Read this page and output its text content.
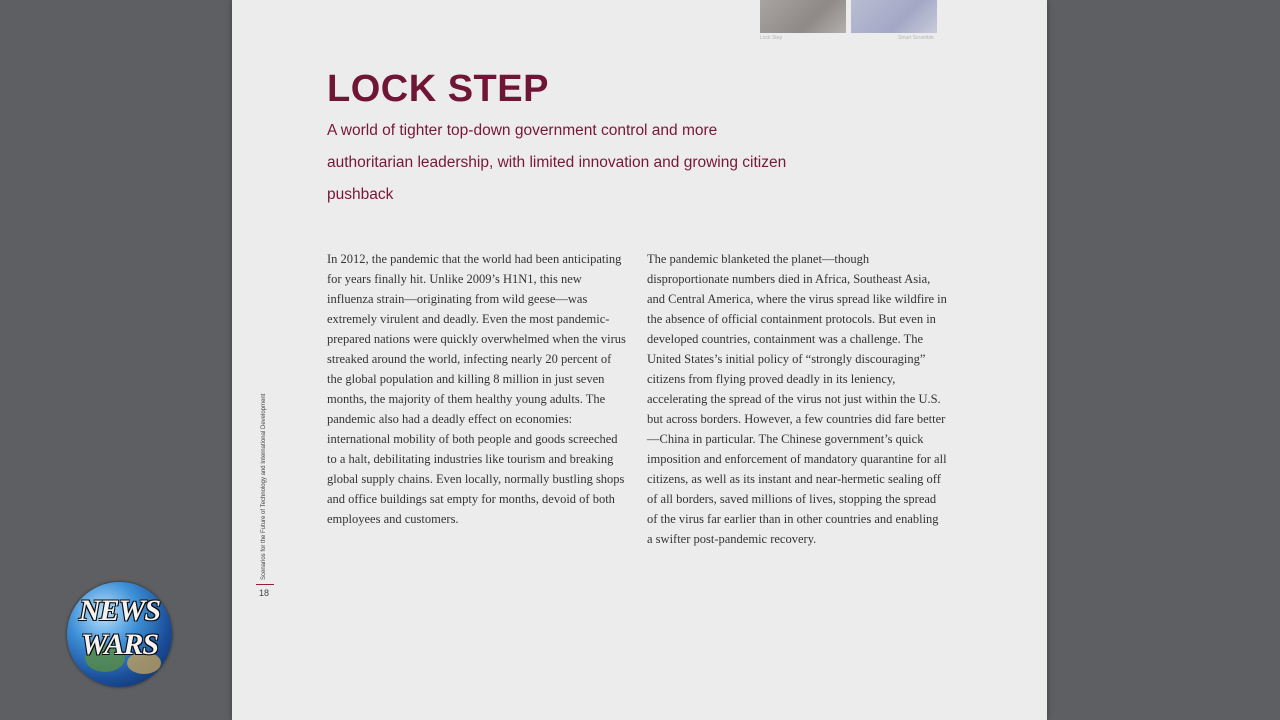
Lock Step	Smart Scramble
LOCK STEP

A world of tighter top-down government control and more authoritarian leadership, with limited innovation and growing citizen pushback

In 2012, the pandemic that the world had been anticipating for years finally hit. Unlike 2009’s H1N1, this new influenza strain—originating from wild geese—was extremely virulent and deadly. Even the most pandemic-prepared nations were quickly overwhelmed when the virus streaked around the world, infecting nearly 20 percent of the global population and killing 8 million in just seven months, the majority of them healthy young adults. The pandemic also had a deadly effect on economies: international mobility of both people and goods screeched to a halt, debilitating industries like tourism and breaking global supply chains. Even locally, normally bustling shops and office buildings sat empty for months, devoid of both employees and customers.

The pandemic blanketed the planet—though disproportionate numbers died in Africa, Southeast Asia, and Central America, where the virus spread like wildfire in the absence of official containment protocols. But even in developed countries, containment was a challenge. The United States’s initial policy of “strongly discouraging” citizens from flying proved deadly in its leniency, accelerating the spread of the virus not just within the U.S. but across borders. However, a few countries did fare better—China in particular. The Chinese government’s quick imposition and enforcement of mandatory quarantine for all citizens, as well as its instant and near-hermetic sealing off of all borders, saved millions of lives, stopping the spread of the virus far earlier than in other countries and enabling a swifter post-pandemic recovery.

Scenarios for the Future of Technology and International Development
18
NEWS
WARS
